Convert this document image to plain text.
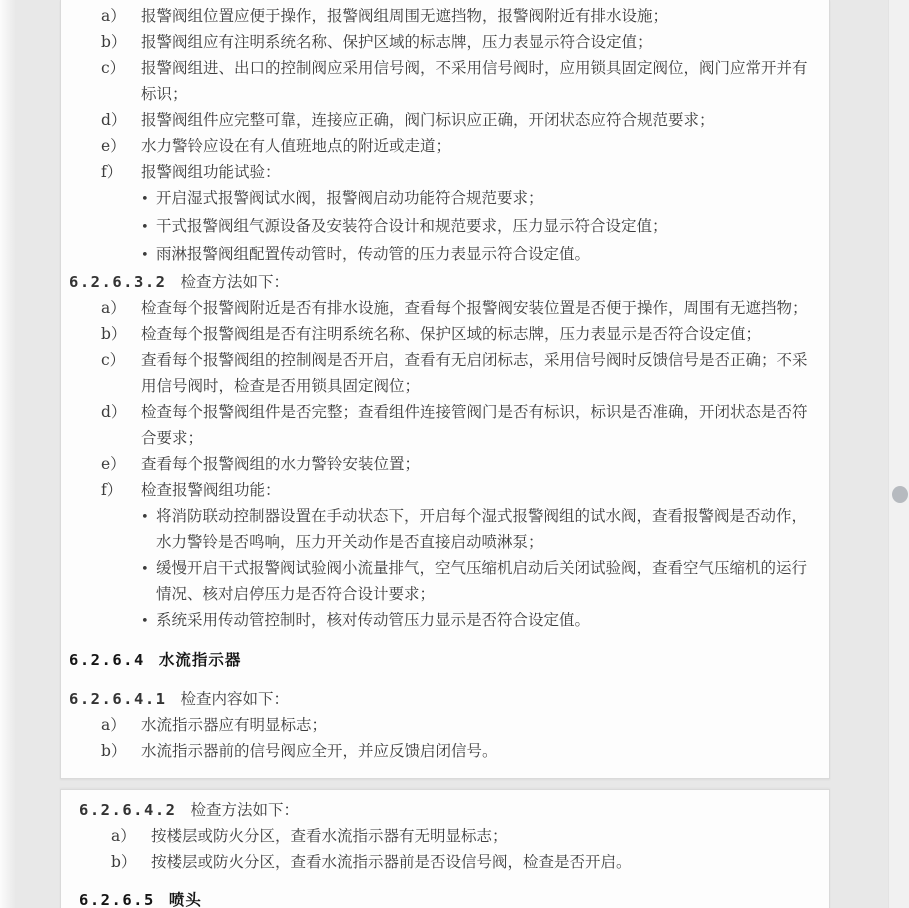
a） 报警阀组位置应便于操作，报警阀组周围无遮挡物，报警阀附近有排水设施；
b） 报警阀组应有注明系统名称、保护区域的标志牌，压力表显示符合设定值；
c）	报警阀组进、出口的控制阀应采用信号阀，不采用信号阀时，应用锁具固定阀位，阀门应常开并有标识；
d） 报警阀组件应完整可靠，连接应正确，阀门标识应正确，开闭状态应符合规范要求；
e） 水力警铃应设在有人值班地点的附近或走道；
f）	报警阀组功能试验：
• 开启湿式报警阀试水阀，报警阀启动功能符合规范要求；
• 干式报警阀组气源设备及安装符合设计和规范要求，压力显示符合设定值；
• 雨淋报警阀组配置传动管时，传动管的压力表显示符合设定值。
6.2.6.3.2 检查方法如下：
a） 检查每个报警阀附近是否有排水设施，查看每个报警阀安装位置是否便于操作，周围有无遮挡物；
b） 检查每个报警阀组是否有注明系统名称、保护区域的标志牌，压力表显示是否符合设定值；
c）	查看每个报警阀组的控制阀是否开启，查看有无启闭标志，采用信号阀时反馈信号是否正确；不采用信号阀时，检查是否用锁具固定阀位；
d） 检查每个报警阀组件是否完整；查看组件连接管阀门是否有标识，标识是否准确，开闭状态是否符合要求；
e） 查看每个报警阀组的水力警铃安装位置；
f）	检查报警阀组功能：
• 将消防联动控制器设置在手动状态下，开启每个湿式报警阀组的试水阀，查看报警阀是否动作，水力警铃是否鸣响，压力开关动作是否直接启动喷淋泵；
• 缓慢开启干式报警阀试验阀小流量排气，空气压缩机启动后关闭试验阀，查看空气压缩机的运行情况、核对启停压力是否符合设计要求；
• 系统采用传动管控制时，核对传动管压力显示是否符合设定值。
6.2.6.4 水流指示器
6.2.6.4.1 检查内容如下：
a） 水流指示器应有明显标志；
b） 水流指示器前的信号阀应全开，并应反馈启闭信号。
6.2.6.4.2 检查方法如下：
a） 按楼层或防火分区，查看水流指示器有无明显标志；
b） 按楼层或防火分区，查看水流指示器前是否设信号阀，检查是否开启。
6.2.6.5 喷头
